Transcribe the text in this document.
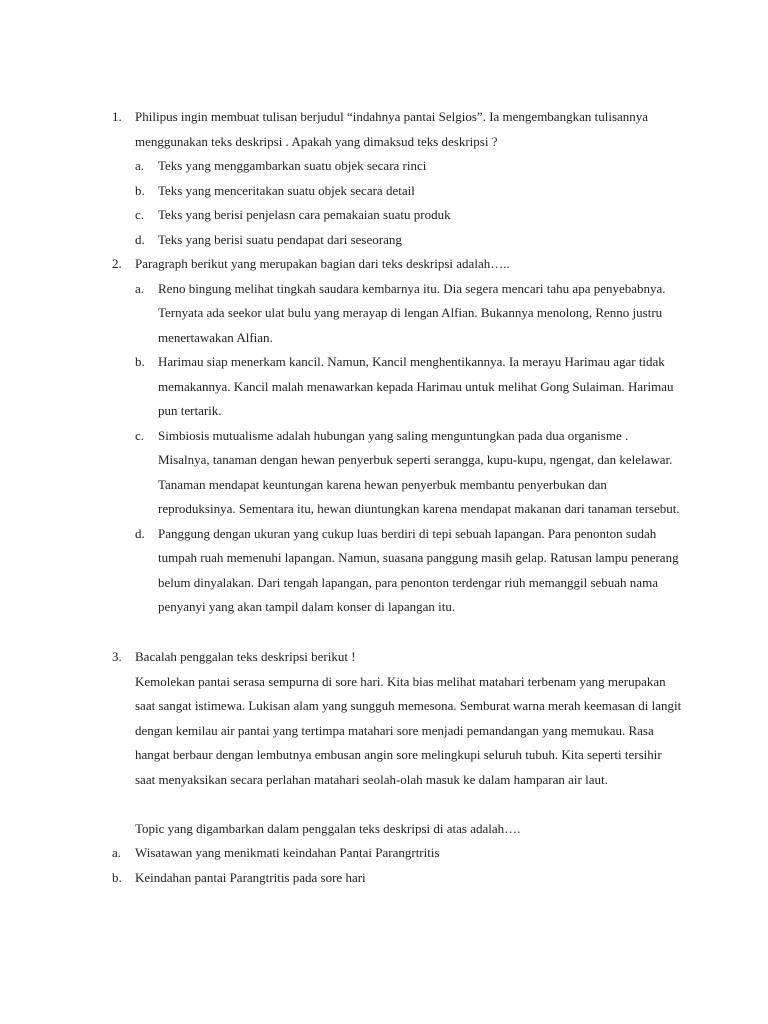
1. Philipus ingin membuat tulisan berjudul “indahnya pantai Selgios”. Ia mengembangkan tulisannya menggunakan teks deskripsi . Apakah yang dimaksud teks deskripsi ?

a. Teks yang menggambarkan suatu objek secara rinci
b. Teks yang menceritakan suatu objek secara detail
c. Teks yang berisi penjelasn cara pemakaian suatu produk
d. Teks yang berisi suatu pendapat dari seseorang
2. Paragraph berikut yang merupakan bagian dari teks deskripsi adalah…..

a. Reno bingung melihat tingkah saudara kembarnya itu. Dia segera mencari tahu apa penyebabnya. Ternyata ada seekor ulat bulu yang merayap di lengan Alfian. Bukannya menolong, Renno justru menertawakan Alfian.
b. Harimau siap menerkam kancil. Namun, Kancil menghentikannya. Ia merayu Harimau agar tidak memakannya. Kancil malah menawarkan kepada Harimau untuk melihat Gong Sulaiman. Harimau pun tertarik.
c. Simbiosis mutualisme adalah hubungan yang saling menguntungkan pada dua organisme . Misalnya, tanaman dengan hewan penyerbuk seperti serangga, kupu-kupu, ngengat, dan kelelawar. Tanaman mendapat keuntungan karena hewan penyerbuk membantu penyerbukan dan reproduksinya. Sementara itu, hewan diuntungkan karena mendapat makanan dari tanaman tersebut.
d. Panggung dengan ukuran yang cukup luas berdiri di tepi sebuah lapangan. Para penonton sudah tumpah ruah memenuhi lapangan. Namun, suasana panggung masih gelap. Ratusan lampu penerang belum dinyalakan. Dari tengah lapangan, para penonton terdengar riuh memanggil sebuah nama penyanyi yang akan tampil dalam konser di lapangan itu.
3. Bacalah penggalan teks deskripsi berikut !

Kemolekan pantai serasa sempurna di sore hari. Kita bias melihat matahari terbenam yang merupakan saat sangat istimewa. Lukisan alam yang sungguh memesona. Semburat warna merah keemasan di langit dengan kemilau air pantai yang tertimpa matahari sore menjadi pemandangan yang memukau. Rasa hangat berbaur dengan lembutnya embusan angin sore melingkupi seluruh tubuh. Kita seperti tersihir saat menyaksikan secara perlahan matahari seolah-olah masuk ke dalam hamparan air laut.

Topic yang digambarkan dalam penggalan teks deskripsi di atas adalah….

a. Wisatawan yang menikmati keindahan Pantai Parangrtritis
b. Keindahan pantai Parangtritis pada sore hari
